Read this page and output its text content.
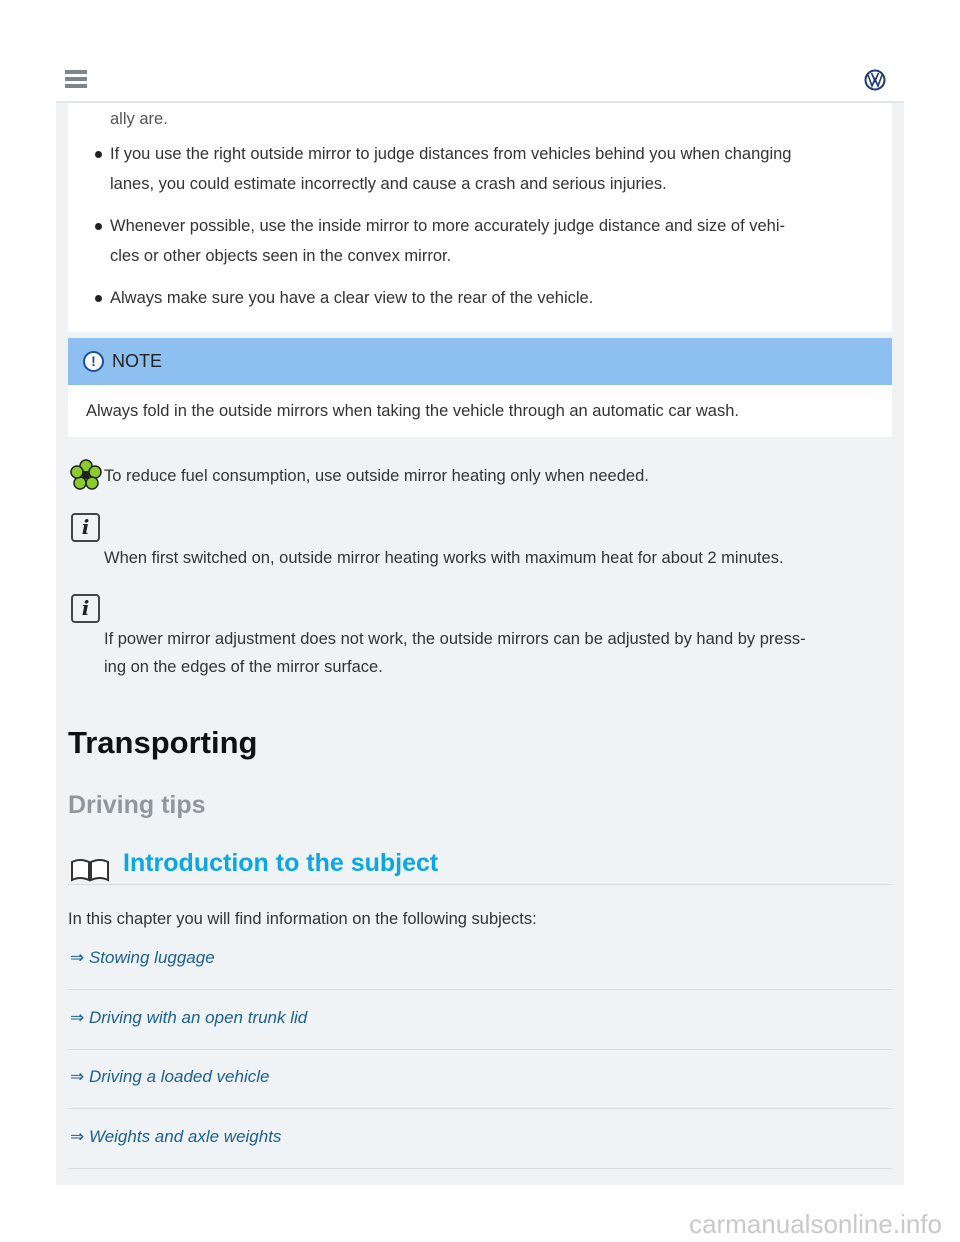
ally are.
If you use the right outside mirror to judge distances from vehicles behind you when changing
lanes, you could estimate incorrectly and cause a crash and serious injuries.
Whenever possible, use the inside mirror to more accurately judge distance and size of vehi-
cles or other objects seen in the convex mirror.
Always make sure you have a clear view to the rear of the vehicle.
! NOTE
Always fold in the outside mirrors when taking the vehicle through an automatic car wash.
To reduce fuel consumption, use outside mirror heating only when needed.
i
When first switched on, outside mirror heating works with maximum heat for about 2 minutes.
i
If power mirror adjustment does not work, the outside mirrors can be adjusted by hand by press-
ing on the edges of the mirror surface.
Transporting
Driving tips
Introduction to the subject
In this chapter you will find information on the following subjects:
⇒ Stowing luggage
⇒ Driving with an open trunk lid
⇒ Driving a loaded vehicle
⇒ Weights and axle weights
carmanualsonline.info
